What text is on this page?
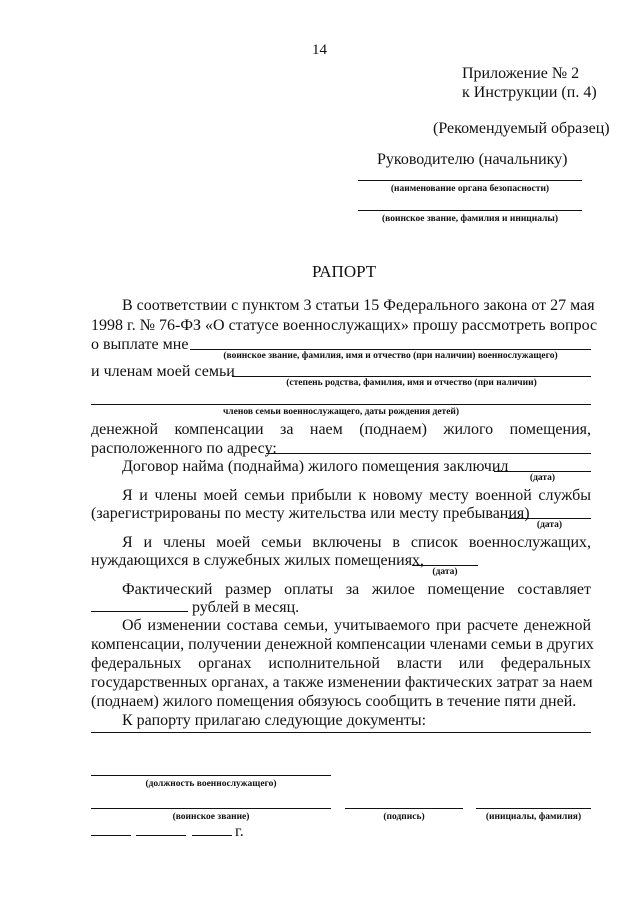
14
Приложение № 2
к Инструкции (п. 4)
(Рекомендуемый образец)
Руководителю (начальнику)
(наименование органа безопасности)
(воинское звание, фамилия и инициалы)
РАПОРТ
В соответствии с пунктом 3 статьи 15 Федерального закона от 27 мая
1998 г. № 76-ФЗ «О статусе военнослужащих» прошу рассмотреть вопрос
о выплате мне
(воинское звание, фамилия, имя и отчество (при наличии) военнослужащего)
и членам моей семьи
(степень родства, фамилия, имя и отчество (при наличии)
членов семьи военнослужащего, даты рождения детей)
денежной компенсации за наем (поднаем) жилого помещения,
расположенного по адресу:
Договор найма (поднайма) жилого помещения заключил
(дата)
Я и члены моей семьи прибыли к новому месту военной службы
(зарегистрированы по месту жительства или месту пребывания)
(дата)
Я и члены моей семьи включены в список военнослужащих,
нуждающихся в служебных жилых помещениях,
(дата)
Фактический размер оплаты за жилое помещение составляет
рублей в месяц.
Об изменении состава семьи, учитываемого при расчете денежной
компенсации, получении денежной компенсации членами семьи в других
федеральных органах исполнительной власти или федеральных
государственных органах, а также изменении фактических затрат за наем
(поднаем) жилого помещения обязуюсь сообщить в течение пяти дней.
К рапорту прилагаю следующие документы:
(должность военнослужащего)
(воинское звание)	(подпись)	(инициалы, фамилия)
г.
